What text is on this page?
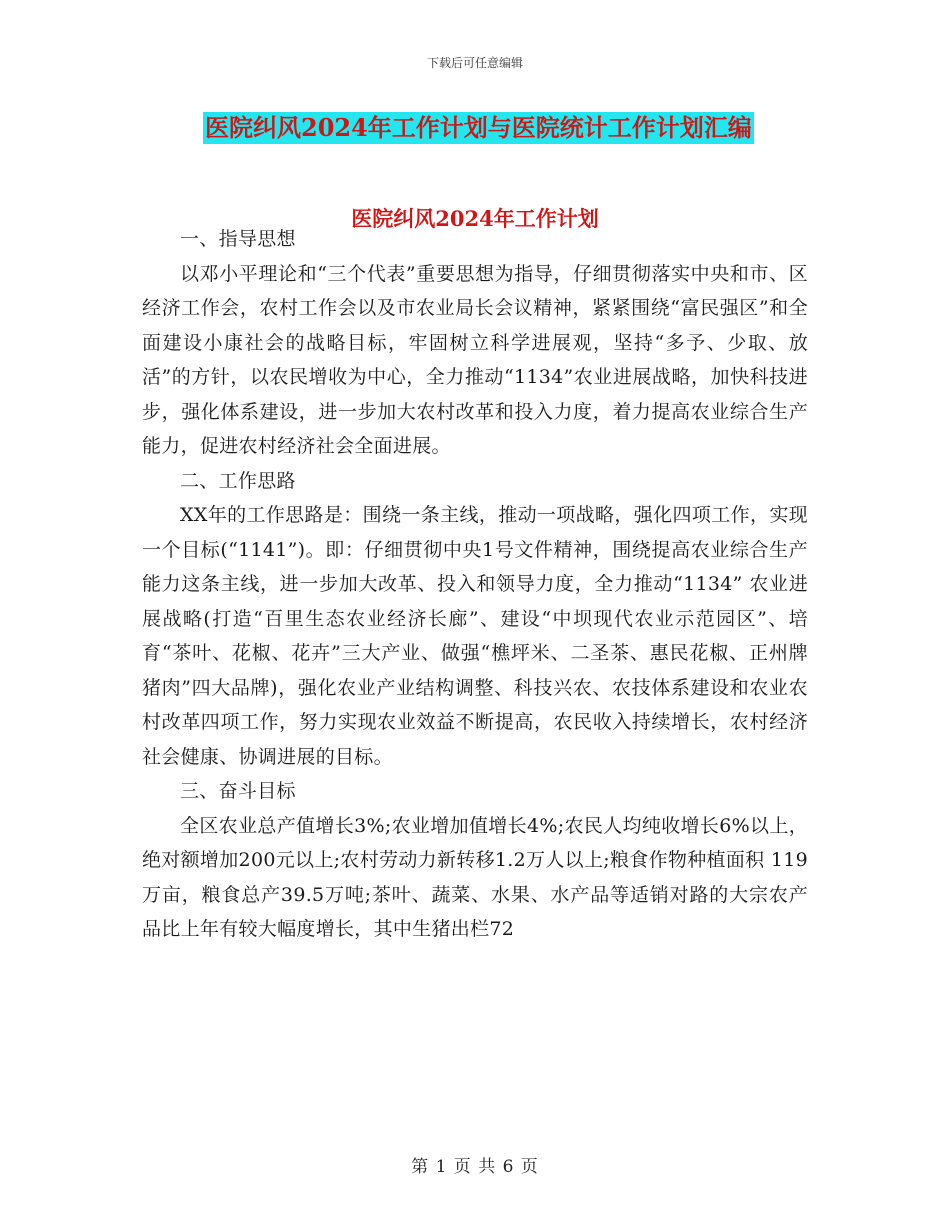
下载后可任意编辑
医院纠风2024年工作计划与医院统计工作计划汇编
医院纠风2024年工作计划

一、指导思想

以邓小平理论和“三个代表”重要思想为指导，仔细贯彻落实中央和市、区经济工作会，农村工作会以及市农业局长会议精神，紧紧围绕“富民强区”和全面建设小康社会的战略目标，牢固树立科学进展观，坚持“多予、少取、放活”的方针，以农民增收为中心，全力推动“1134”农业进展战略，加快科技进步，强化体系建设，进一步加大农村改革和投入力度，着力提高农业综合生产能力，促进农村经济社会全面进展。

二、工作思路

XX年的工作思路是：围绕一条主线，推动一项战略，强化四项工作，实现一个目标(“1141”)。即：仔细贯彻中央1号文件精神，围绕提高农业综合生产能力这条主线，进一步加大改革、投入和领导力度，全力推动“1134” 农业进展战略(打造“百里生态农业经济长廊”、建设“中坝现代农业示范园区”、培育“茶叶、花椒、花卉”三大产业、做强“樵坪米、二圣茶、惠民花椒、正州牌猪肉”四大品牌)，强化农业产业结构调整、科技兴农、农技体系建设和农业农村改革四项工作，努力实现农业效益不断提高，农民收入持续增长，农村经济社会健康、协调进展的目标。

三、奋斗目标

全区农业总产值增长3%;农业增加值增长4%;农民人均纯收增长6%以上，绝对额增加200元以上;农村劳动力新转移1.2万人以上;粮食作物种植面积 119万亩，粮食总产39.5万吨;茶叶、蔬菜、水果、水产品等适销对路的大宗农产品比上年有较大幅度增长，其中生猪出栏72

第 1 页 共 6 页
